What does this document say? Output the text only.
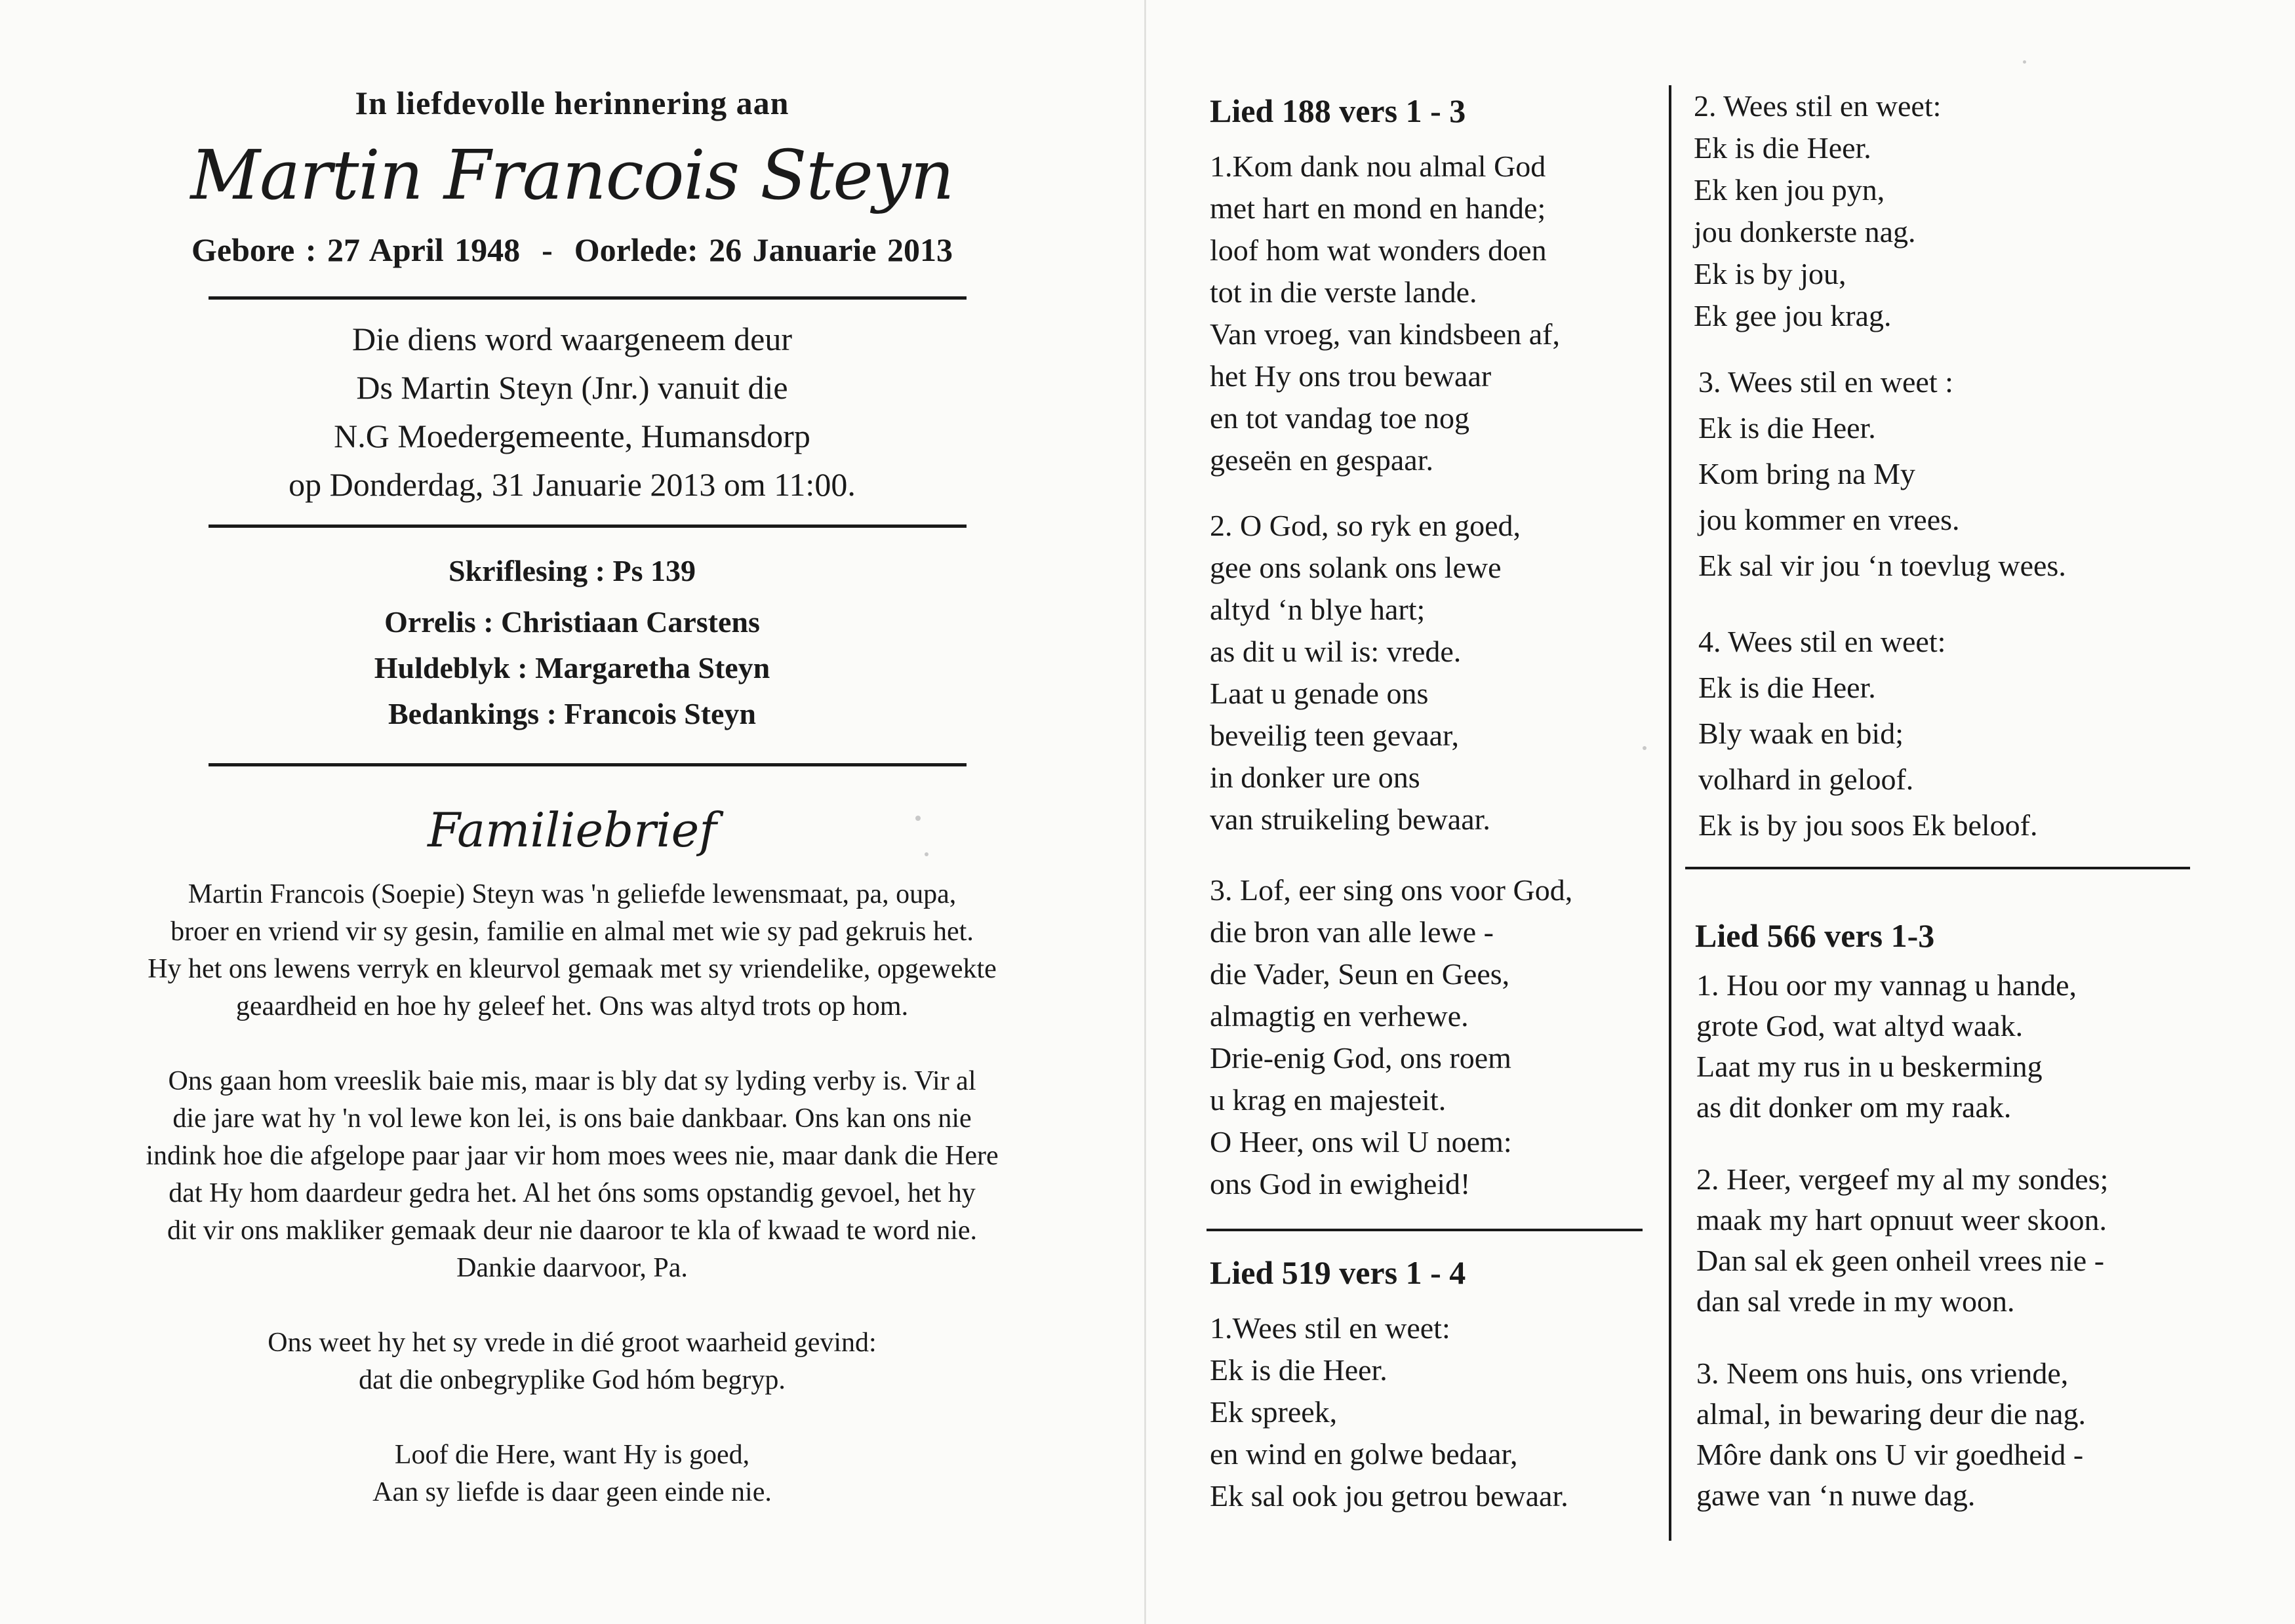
In liefdevolle herinnering aan
Martin Francois Steyn
Gebore : 27 April 1948  -  Oorlede: 26 Januarie 2013
Die diens word waargeneem deur
Ds Martin Steyn (Jnr.) vanuit die
N.G Moedergemeente, Humansdorp
op Donderdag, 31 Januarie 2013 om 11:00.
Skriflesing : Ps 139
Orrelis : Christiaan Carstens
Huldeblyk : Margaretha Steyn
Bedankings : Francois Steyn
Familiebrief
Martin Francois (Soepie) Steyn was 'n geliefde lewensmaat, pa, oupa,
broer en vriend vir sy gesin, familie en almal met wie sy pad gekruis het.
Hy het ons lewens verryk en kleurvol gemaak met sy vriendelike, opgewekte
geaardheid en hoe hy geleef het. Ons was altyd trots op hom.
Ons gaan hom vreeslik baie mis, maar is bly dat sy lyding verby is. Vir al
die jare wat hy 'n vol lewe kon lei, is ons baie dankbaar. Ons kan ons nie
indink hoe die afgelope paar jaar vir hom moes wees nie, maar dank die Here
dat Hy hom daardeur gedra het. Al het óns soms opstandig gevoel, het hy
dit vir ons makliker gemaak deur nie daaroor te kla of kwaad te word nie.
Dankie daarvoor, Pa.
Ons weet hy het sy vrede in dié groot waarheid gevind:
dat die onbegryplike God hóm begryp.
Loof die Here, want Hy is goed,
Aan sy liefde is daar geen einde nie.
Lied 188 vers 1 - 3
1.Kom dank nou almal God
met hart en mond en hande;
loof hom wat wonders doen
tot in die verste lande.
Van vroeg, van kindsbeen af,
het Hy ons trou bewaar
en tot vandag toe nog
geseën en gespaar.
2. O God, so ryk en goed,
gee ons solank ons lewe
altyd ‘n blye hart;
as dit u wil is: vrede.
Laat u genade ons
beveilig teen gevaar,
in donker ure ons
van struikeling bewaar.
3. Lof, eer sing ons voor God,
die bron van alle lewe -
die Vader, Seun en Gees,
almagtig en verhewe.
Drie-enig God, ons roem
u krag en majesteit.
O Heer, ons wil U noem:
ons God in ewigheid!
Lied 519 vers 1 - 4
1.Wees stil en weet:
Ek is die Heer.
Ek spreek,
en wind en golwe bedaar,
Ek sal ook jou getrou bewaar.
2. Wees stil en weet:
Ek is die Heer.
Ek ken jou pyn,
jou donkerste nag.
Ek is by jou,
Ek gee jou krag.
3. Wees stil en weet :
Ek is die Heer.
Kom bring na My
jou kommer en vrees.
Ek sal vir jou ‘n toevlug wees.
4. Wees stil en weet:
Ek is die Heer.
Bly waak en bid;
volhard in geloof.
Ek is by jou soos Ek beloof.
Lied 566 vers 1-3
1. Hou oor my vannag u hande,
grote God, wat altyd waak.
Laat my rus in u beskerming
as dit donker om my raak.
2. Heer, vergeef my al my sondes;
maak my hart opnuut weer skoon.
Dan sal ek geen onheil vrees nie -
dan sal vrede in my woon.
3. Neem ons huis, ons vriende,
almal, in bewaring deur die nag.
Môre dank ons U vir goedheid -
gawe van ‘n nuwe dag.
